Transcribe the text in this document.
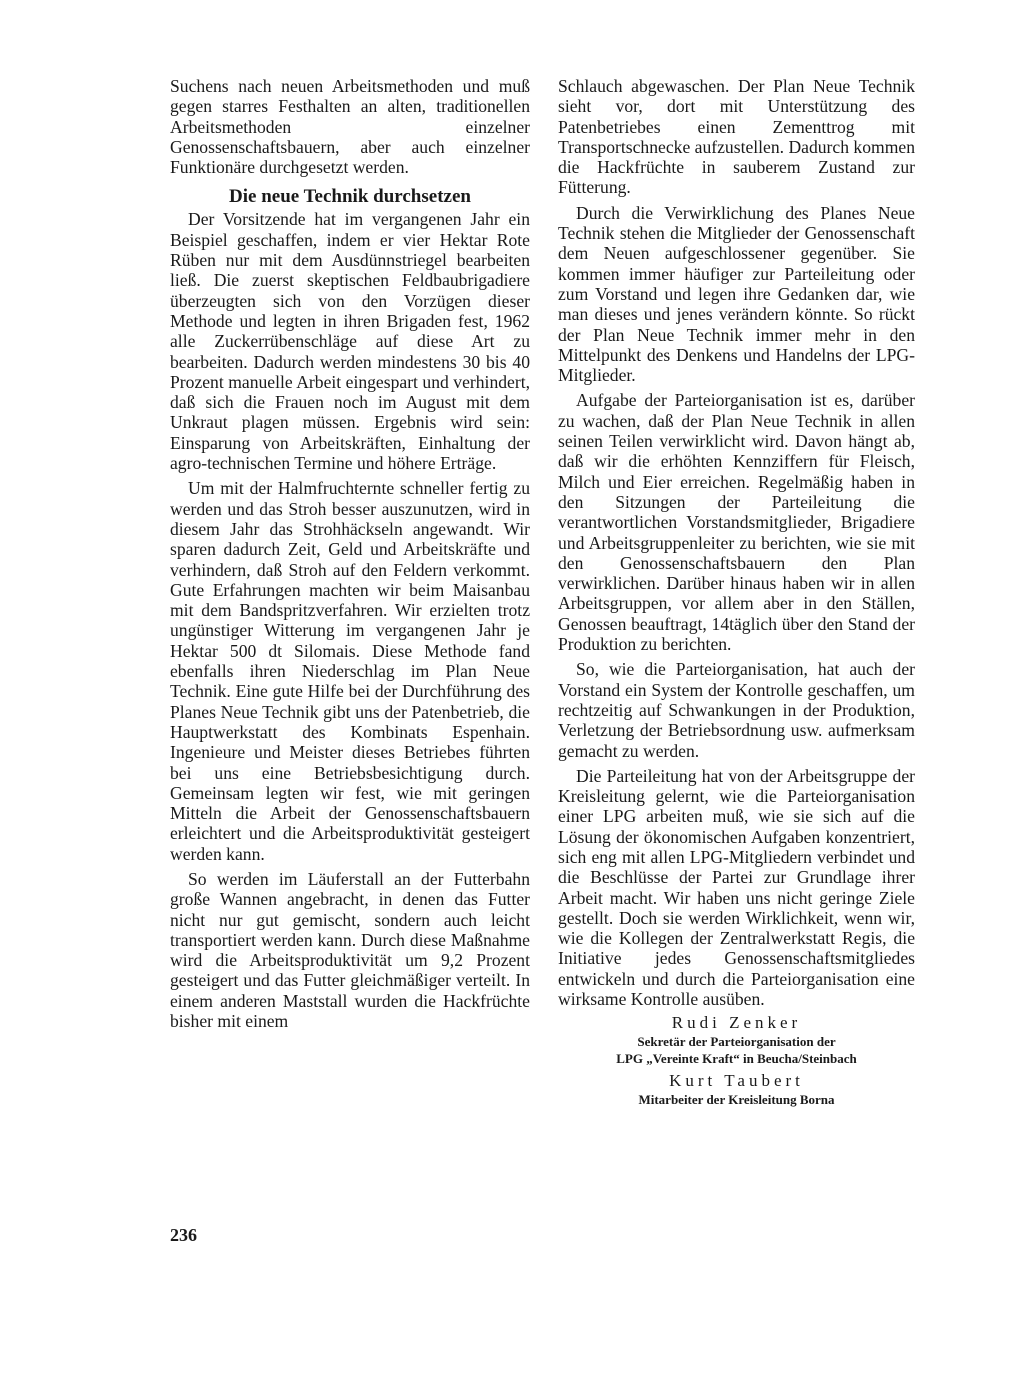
Suchens nach neuen Arbeitsmethoden und muß gegen starres Festhalten an alten, traditionellen Arbeitsmethoden einzelner Genossenschaftsbauern, aber auch einzelner Funktionäre durchgesetzt werden.

Die neue Technik durchsetzen

Der Vorsitzende hat im vergangenen Jahr ein Beispiel geschaffen, indem er vier Hektar Rote Rüben nur mit dem Ausdünnstriegel bearbeiten ließ. Die zuerst skeptischen Feldbaubrigadiere überzeugten sich von den Vorzügen dieser Methode und legten in ihren Brigaden fest, 1962 alle Zuckerrübenschläge auf diese Art zu bearbeiten. Dadurch werden mindestens 30 bis 40 Prozent manuelle Arbeit eingespart und verhindert, daß sich die Frauen noch im August mit dem Unkraut plagen müssen. Ergebnis wird sein: Einsparung von Arbeitskräften, Einhaltung der agro-technischen Termine und höhere Erträge.

Um mit der Halmfruchternte schneller fertig zu werden und das Stroh besser auszunutzen, wird in diesem Jahr das Strohhäckseln angewandt. Wir sparen dadurch Zeit, Geld und Arbeitskräfte und verhindern, daß Stroh auf den Feldern verkommt. Gute Erfahrungen machten wir beim Maisanbau mit dem Bandspritzverfahren. Wir erzielten trotz ungünstiger Witterung im vergangenen Jahr je Hektar 500 dt Silomais. Diese Methode fand ebenfalls ihren Niederschlag im Plan Neue Technik. Eine gute Hilfe bei der Durchführung des Planes Neue Technik gibt uns der Patenbetrieb, die Hauptwerkstatt des Kombinats Espenhain. Ingenieure und Meister dieses Betriebes führten bei uns eine Betriebsbesichtigung durch. Gemeinsam legten wir fest, wie mit geringen Mitteln die Arbeit der Genossenschaftsbauern erleichtert und die Arbeitsproduktivität gesteigert werden kann.

So werden im Läuferstall an der Futterbahn große Wannen angebracht, in denen das Futter nicht nur gut gemischt, sondern auch leicht transportiert werden kann. Durch diese Maßnahme wird die Arbeitsproduktivität um 9,2 Prozent gesteigert und das Futter gleichmäßiger verteilt. In einem anderen Maststall wurden die Hackfrüchte bisher mit einem

Schlauch abgewaschen. Der Plan Neue Technik sieht vor, dort mit Unterstützung des Patenbetriebes einen Zementtrog mit Transportschnecke aufzustellen. Dadurch kommen die Hackfrüchte in sauberem Zustand zur Fütterung.

Durch die Verwirklichung des Planes Neue Technik stehen die Mitglieder der Genossenschaft dem Neuen aufgeschlossener gegenüber. Sie kommen immer häufiger zur Parteileitung oder zum Vorstand und legen ihre Gedanken dar, wie man dieses und jenes verändern könnte. So rückt der Plan Neue Technik immer mehr in den Mittelpunkt des Denkens und Handelns der LPG-Mitglieder.

Aufgabe der Parteiorganisation ist es, darüber zu wachen, daß der Plan Neue Technik in allen seinen Teilen verwirklicht wird. Davon hängt ab, daß wir die erhöhten Kennziffern für Fleisch, Milch und Eier erreichen. Regelmäßig haben in den Sitzungen der Parteileitung die verantwortlichen Vorstandsmitglieder, Brigadiere und Arbeitsgruppenleiter zu berichten, wie sie mit den Genossenschaftsbauern den Plan verwirklichen. Darüber hinaus haben wir in allen Arbeitsgruppen, vor allem aber in den Ställen, Genossen beauftragt, 14täglich über den Stand der Produktion zu berichten.

So, wie die Parteiorganisation, hat auch der Vorstand ein System der Kontrolle geschaffen, um rechtzeitig auf Schwankungen in der Produktion, Verletzung der Betriebsordnung usw. aufmerksam gemacht zu werden.

Die Parteileitung hat von der Arbeitsgruppe der Kreisleitung gelernt, wie die Parteiorganisation einer LPG arbeiten muß, wie sie sich auf die Lösung der ökonomischen Aufgaben konzentriert, sich eng mit allen LPG-Mitgliedern verbindet und die Beschlüsse der Partei zur Grundlage ihrer Arbeit macht. Wir haben uns nicht geringe Ziele gestellt. Doch sie werden Wirklichkeit, wenn wir, wie die Kollegen der Zentralwerkstatt Regis, die Initiative jedes Genossenschaftsmitgliedes entwickeln und durch die Parteiorganisation eine wirksame Kontrolle ausüben.

Rudi Zenker
Sekretär der Parteiorganisation der
LPG „Vereinte Kraft“ in Beucha/Steinbach
Kurt Taubert
Mitarbeiter der Kreisleitung Borna
236
